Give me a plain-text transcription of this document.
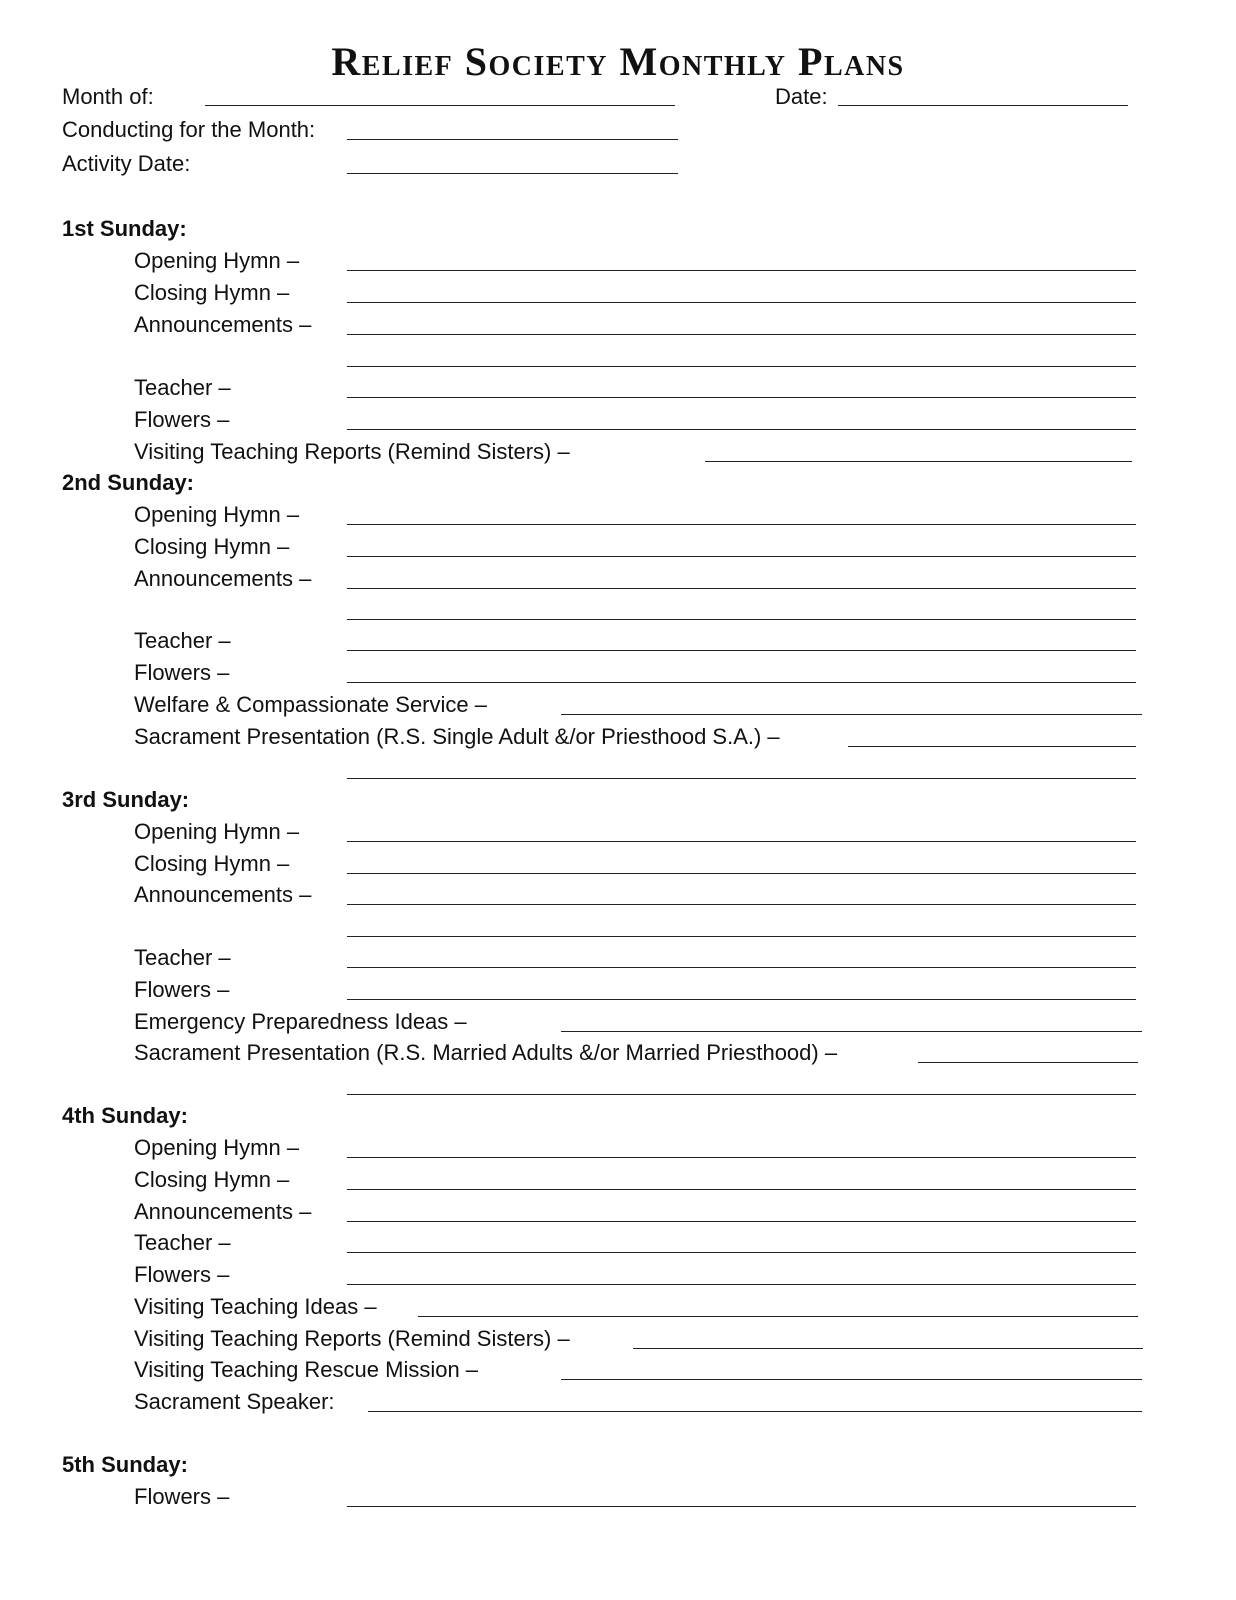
Relief Society Monthly Plans
Month of:	Date:
Conducting for the Month:
Activity Date:
1st Sunday:
Opening Hymn –
Closing Hymn –
Announcements –
Teacher –
Flowers –
Visiting Teaching Reports (Remind Sisters) –
2nd Sunday:
Opening Hymn –
Closing Hymn –
Announcements –
Teacher –
Flowers –
Welfare & Compassionate Service –
Sacrament Presentation (R.S. Single Adult &/or Priesthood S.A.) –
3rd Sunday:
Opening Hymn –
Closing Hymn –
Announcements –
Teacher –
Flowers –
Emergency Preparedness Ideas –
Sacrament Presentation (R.S. Married Adults &/or Married Priesthood) –
4th Sunday:
Opening Hymn –
Closing Hymn –
Announcements –
Teacher –
Flowers –
Visiting Teaching Ideas –
Visiting Teaching Reports (Remind Sisters) –
Visiting Teaching Rescue Mission –
Sacrament Speaker:
5th Sunday:
Flowers –
